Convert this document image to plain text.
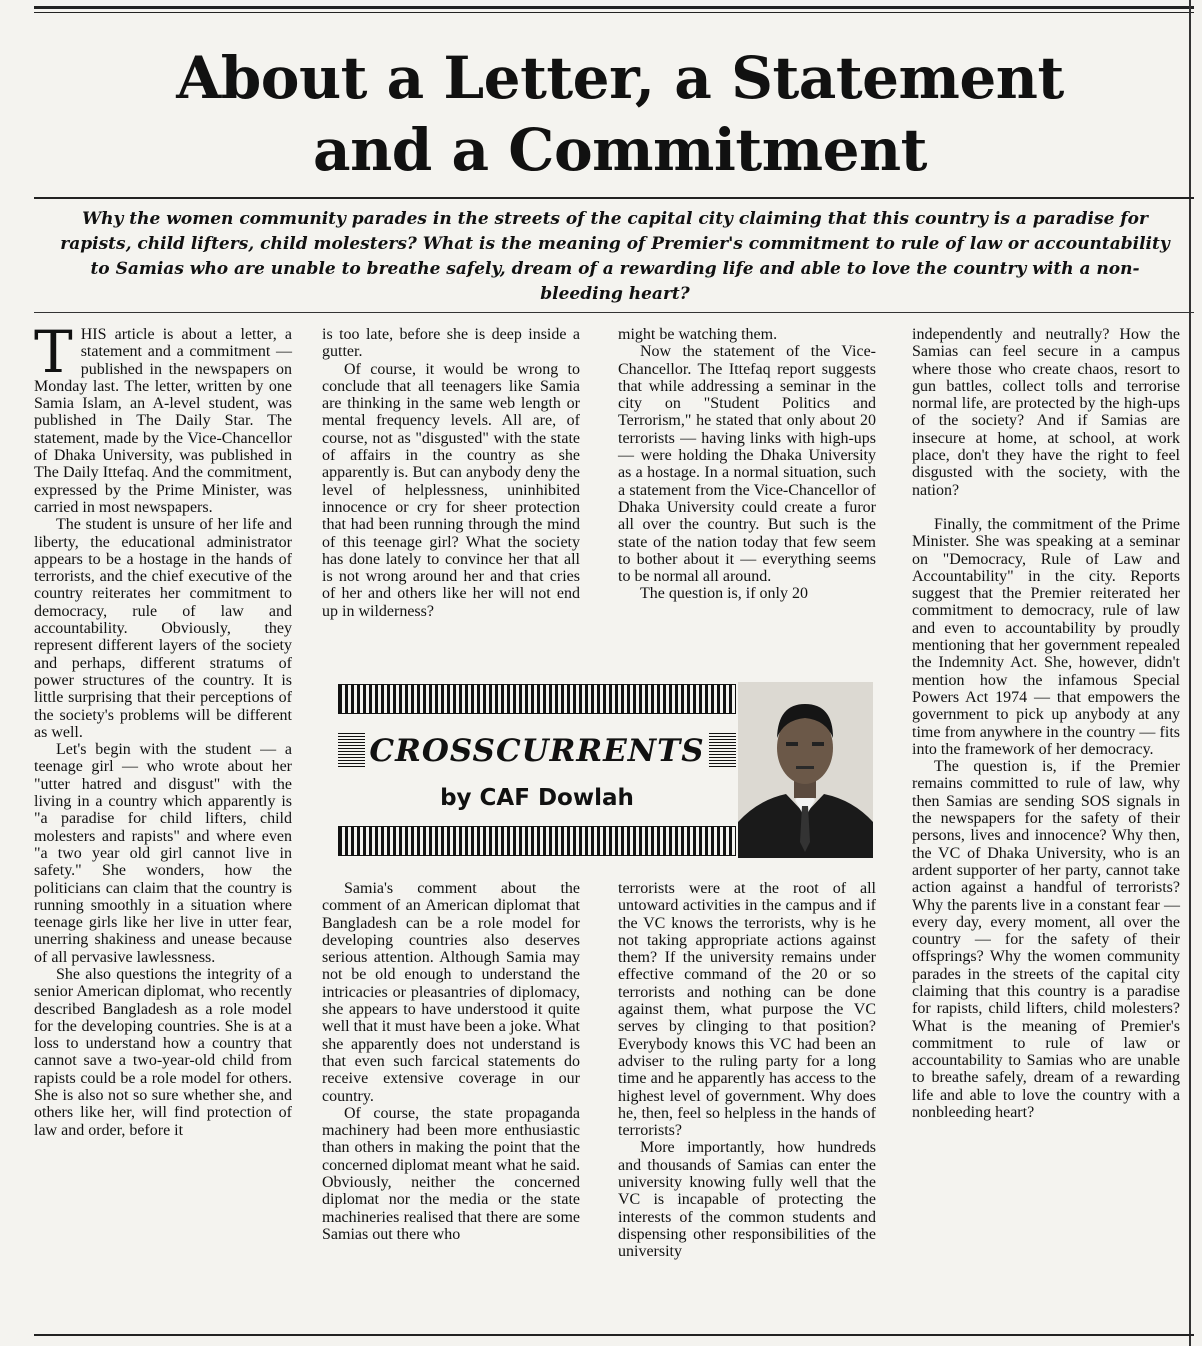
About a Letter, a Statement
and a Commitment
Why the women community parades in the streets of the capital city claiming that this country is a paradise for rapists, child lifters, child molesters? What is the meaning of Premier's commitment to rule of law or accountability to Samias who are unable to breathe safely, dream of a rewarding life and able to love the country with a non-bleeding heart?

THIS article is about a letter, a statement and a commitment — published in the newspapers on Monday last. The letter, written by one Samia Islam, an A-level student, was published in The Daily Star. The statement, made by the Vice-Chancellor of Dhaka University, was published in The Daily Ittefaq. And the commitment, expressed by the Prime Minister, was carried in most newspapers.

The student is unsure of her life and liberty, the educational administrator appears to be a hostage in the hands of terrorists, and the chief executive of the country reiterates her commitment to democracy, rule of law and accountability. Obviously, they represent different layers of the society and perhaps, different stratums of power structures of the country. It is little surprising that their perceptions of the society's problems will be different as well.

Let's begin with the student — a teenage girl — who wrote about her "utter hatred and disgust" with the living in a country which apparently is "a paradise for child lifters, child molesters and rapists" and where even "a two year old girl cannot live in safety." She wonders, how the politicians can claim that the country is running smoothly in a situation where teenage girls like her live in utter fear, unerring shakiness and unease because of all pervasive lawlessness.

She also questions the integrity of a senior American diplomat, who recently described Bangladesh as a role model for the developing countries. She is at a loss to understand how a country that cannot save a two-year-old child from rapists could be a role model for others. She is also not so sure whether she, and others like her, will find protection of law and order, before it

is too late, before she is deep inside a gutter.

Of course, it would be wrong to conclude that all teenagers like Samia are thinking in the same web length or mental frequency levels. All are, of course, not as "disgusted" with the state of affairs in the country as she apparently is. But can anybody deny the level of helplessness, uninhibited innocence or cry for sheer protection that had been running through the mind of this teenage girl? What the society has done lately to convince her that all is not wrong around her and that cries of her and others like her will not end up in wilderness?

might be watching them.

Now the statement of the Vice-Chancellor. The Ittefaq report suggests that while addressing a seminar in the city on "Student Politics and Terrorism," he stated that only about 20 terrorists — having links with high-ups — were holding the Dhaka University as a hostage. In a normal situation, such a statement from the Vice-Chancellor of Dhaka University could create a furor all over the country. But such is the state of the nation today that few seem to bother about it — everything seems to be normal all around.

The question is, if only 20

CROSSCURRENTS
by CAF Dowlah

Samia's comment about the comment of an American diplomat that Bangladesh can be a role model for developing countries also deserves serious attention. Although Samia may not be old enough to understand the intricacies or pleasantries of diplomacy, she appears to have understood it quite well that it must have been a joke. What she apparently does not understand is that even such farcical statements do receive extensive coverage in our country.

Of course, the state propaganda machinery had been more enthusiastic than others in making the point that the concerned diplomat meant what he said. Obviously, neither the concerned diplomat nor the media or the state machineries realised that there are some Samias out there who

terrorists were at the root of all untoward activities in the campus and if the VC knows the terrorists, why is he not taking appropriate actions against them? If the university remains under effective command of the 20 or so terrorists and nothing can be done against them, what purpose the VC serves by clinging to that position? Everybody knows this VC had been an adviser to the ruling party for a long time and he apparently has access to the highest level of government. Why does he, then, feel so helpless in the hands of terrorists?

More importantly, how hundreds and thousands of Samias can enter the university knowing fully well that the VC is incapable of protecting the interests of the common students and dispensing other responsibilities of the university

independently and neutrally? How the Samias can feel secure in a campus where those who create chaos, resort to gun battles, collect tolls and terrorise normal life, are protected by the high-ups of the society? And if Samias are insecure at home, at school, at work place, don't they have the right to feel disgusted with the society, with the nation?

Finally, the commitment of the Prime Minister. She was speaking at a seminar on "Democracy, Rule of Law and Accountability" in the city. Reports suggest that the Premier reiterated her commitment to democracy, rule of law and even to accountability by proudly mentioning that her government repealed the Indemnity Act. She, however, didn't mention how the infamous Special Powers Act 1974 — that empowers the government to pick up anybody at any time from anywhere in the country — fits into the framework of her democracy.

The question is, if the Premier remains committed to rule of law, why then Samias are sending SOS signals in the newspapers for the safety of their persons, lives and innocence? Why then, the VC of Dhaka University, who is an ardent supporter of her party, cannot take action against a handful of terrorists? Why the parents live in a constant fear — every day, every moment, all over the country — for the safety of their offsprings? Why the women community parades in the streets of the capital city claiming that this country is a paradise for rapists, child lifters, child molesters? What is the meaning of Premier's commitment to rule of law or accountability to Samias who are unable to breathe safely, dream of a rewarding life and able to love the country with a nonbleeding heart?
